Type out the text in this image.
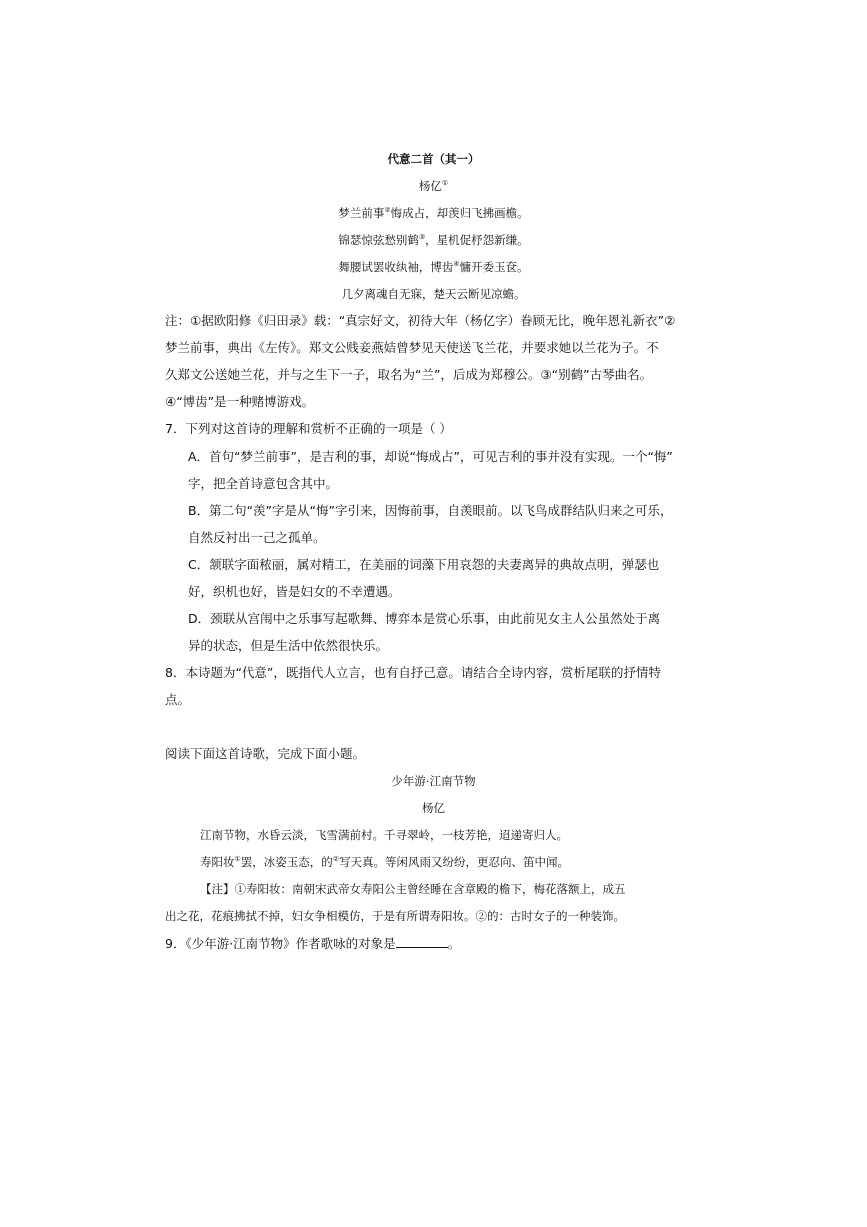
代意二首（其一）
杨亿①
梦兰前事②悔成占，却羡归飞拂画檐。
锦瑟惊弦愁别鹤③，星机促杼怨新缣。
舞腰试罢收纨袖，博齿④慵开委玉奁。
几夕离魂自无寐，楚天云断见凉蟾。
注：①据欧阳修《归田录》载：“真宗好文，初待大年（杨亿字）眷顾无比，晚年恩礼新衣”②
梦兰前事，典出《左传》。郑文公贱妾燕姞曾梦见天使送飞兰花，并要求她以兰花为子。不
久郑文公送她兰花，并与之生下一子，取名为“兰”，后成为郑穆公。③“别鹤”古琴曲名。
④“博齿”是一种赌博游戏。
7．下列对这首诗的理解和赏析不正确的一项是（ ）
A．首句“梦兰前事”，是吉利的事，却说“悔成占”，可见吉利的事并没有实现。一个“悔”
字，把全首诗意包含其中。
B．第二句“羡”字是从“悔”字引来，因悔前事，自羡眼前。以飞鸟成群结队归来之可乐，
自然反衬出一己之孤单。
C．颔联字面秾丽，属对精工，在美丽的词藻下用哀怨的夫妻离异的典故点明，弹瑟也
好，织机也好，皆是妇女的不幸遭遇。
D．颈联从宫闱中之乐事写起歌舞、博弈本是赏心乐事，由此前见女主人公虽然处于离
异的状态，但是生活中依然很快乐。
8．本诗题为“代意”，既指代人立言，也有自抒己意。请结合全诗内容，赏析尾联的抒情特
点。
阅读下面这首诗歌，完成下面小题。
少年游·江南节物
杨亿
江南节物，水昏云淡，飞雪满前村。千寻翠岭，一枝芳艳，迢递寄归人。
寿阳妆①罢，冰姿玉态，的②写天真。等闲风雨又纷纷，更忍向、笛中闻。
【注】①寿阳妆：南朝宋武帝女寿阳公主曾经睡在含章殿的檐下，梅花落额上，成五
出之花，花痕拂拭不掉，妇女争相模仿，于是有所谓寿阳妆。②的：古时女子的一种装饰。
9．《少年游·江南节物》作者歌咏的对象是	。
